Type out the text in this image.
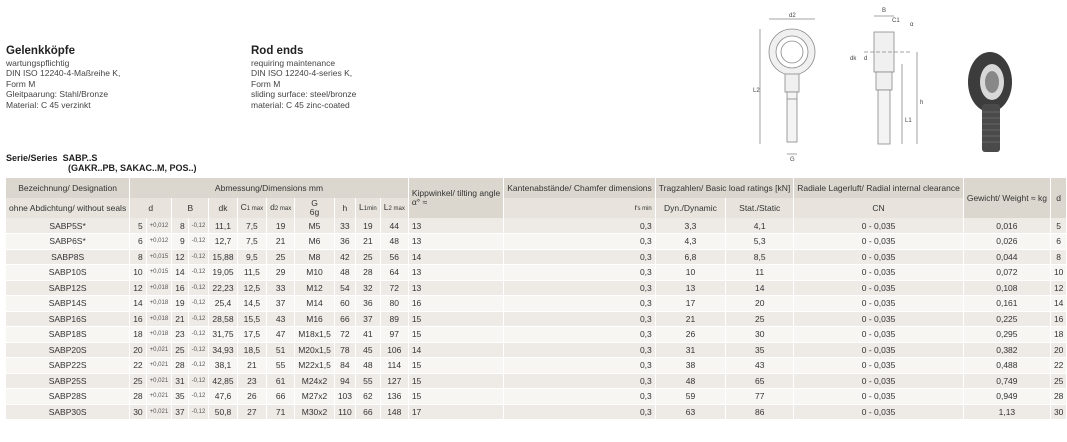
Gelenkköpfe
wartungspflichtig
DIN ISO 12240-4-Maßreihe K,
Form M
Gleitpaarung: Stahl/Bronze
Material: C 45 verzinkt
Rod ends
requiring maintenance
DIN ISO 12240-4-series K,
Form M
sliding surface: steel/bronze
material: C 45 zinc-coated
Serie/Series SABP..S
(GAKR..PB, SAKAC..M, POS..)
d2
B
C1
α
dk d
L2
h
L1
G
Bezeichnung/ Designation	Abmessung/Dimensions mm											Kippwinkel/ tilting angle
α° ≈	Kantenabstände/ Chamfer dimensions	Tragzahlen/ Basic load ratings [kN]		Radiale Lagerluft/ Radial internal clearance	Gewicht/ Weight ≈ kg	d
ohne Abdichtung/ without seals	d		B		dk	C1 max	d2 max	G
6g	h	L1min	L2 max		rs min	Dyn./Dynamic	Stat./Static	CN		
SABP5S*	5	+0,012	8	-0,12	11,1	7,5	19	M5	33	19	44	13	0,3	3,3	4,1	0 - 0,035	0,016	5
SABP6S*	6	+0,012	9	-0,12	12,7	7,5	21	M6	36	21	48	13	0,3	4,3	5,3	0 - 0,035	0,026	6
SABP8S	8	+0,015	12	-0,12	15,88	9,5	25	M8	42	25	56	14	0,3	6,8	8,5	0 - 0,035	0,044	8
SABP10S	10	+0,015	14	-0,12	19,05	11,5	29	M10	48	28	64	13	0,3	10	11	0 - 0,035	0,072	10
SABP12S	12	+0,018	16	-0,12	22,23	12,5	33	M12	54	32	72	13	0,3	13	14	0 - 0,035	0,108	12
SABP14S	14	+0,018	19	-0,12	25,4	14,5	37	M14	60	36	80	16	0,3	17	20	0 - 0,035	0,161	14
SABP16S	16	+0,018	21	-0,12	28,58	15,5	43	M16	66	37	89	15	0,3	21	25	0 - 0,035	0,225	16
SABP18S	18	+0,018	23	-0,12	31,75	17,5	47	M18x1,5	72	41	97	15	0,3	26	30	0 - 0,035	0,295	18
SABP20S	20	+0,021	25	-0,12	34,93	18,5	51	M20x1,5	78	45	106	14	0,3	31	35	0 - 0,035	0,382	20
SABP22S	22	+0,021	28	-0,12	38,1	21	55	M22x1,5	84	48	114	15	0,3	38	43	0 - 0,035	0,488	22
SABP25S	25	+0,021	31	-0,12	42,85	23	61	M24x2	94	55	127	15	0,3	48	65	0 - 0,035	0,749	25
SABP28S	28	+0,021	35	-0,12	47,6	26	66	M27x2	103	62	136	15	0,3	59	77	0 - 0,035	0,949	28
SABP30S	30	+0,021	37	-0,12	50,8	27	71	M30x2	110	66	148	17	0,3	63	86	0 - 0,035	1,13	30
